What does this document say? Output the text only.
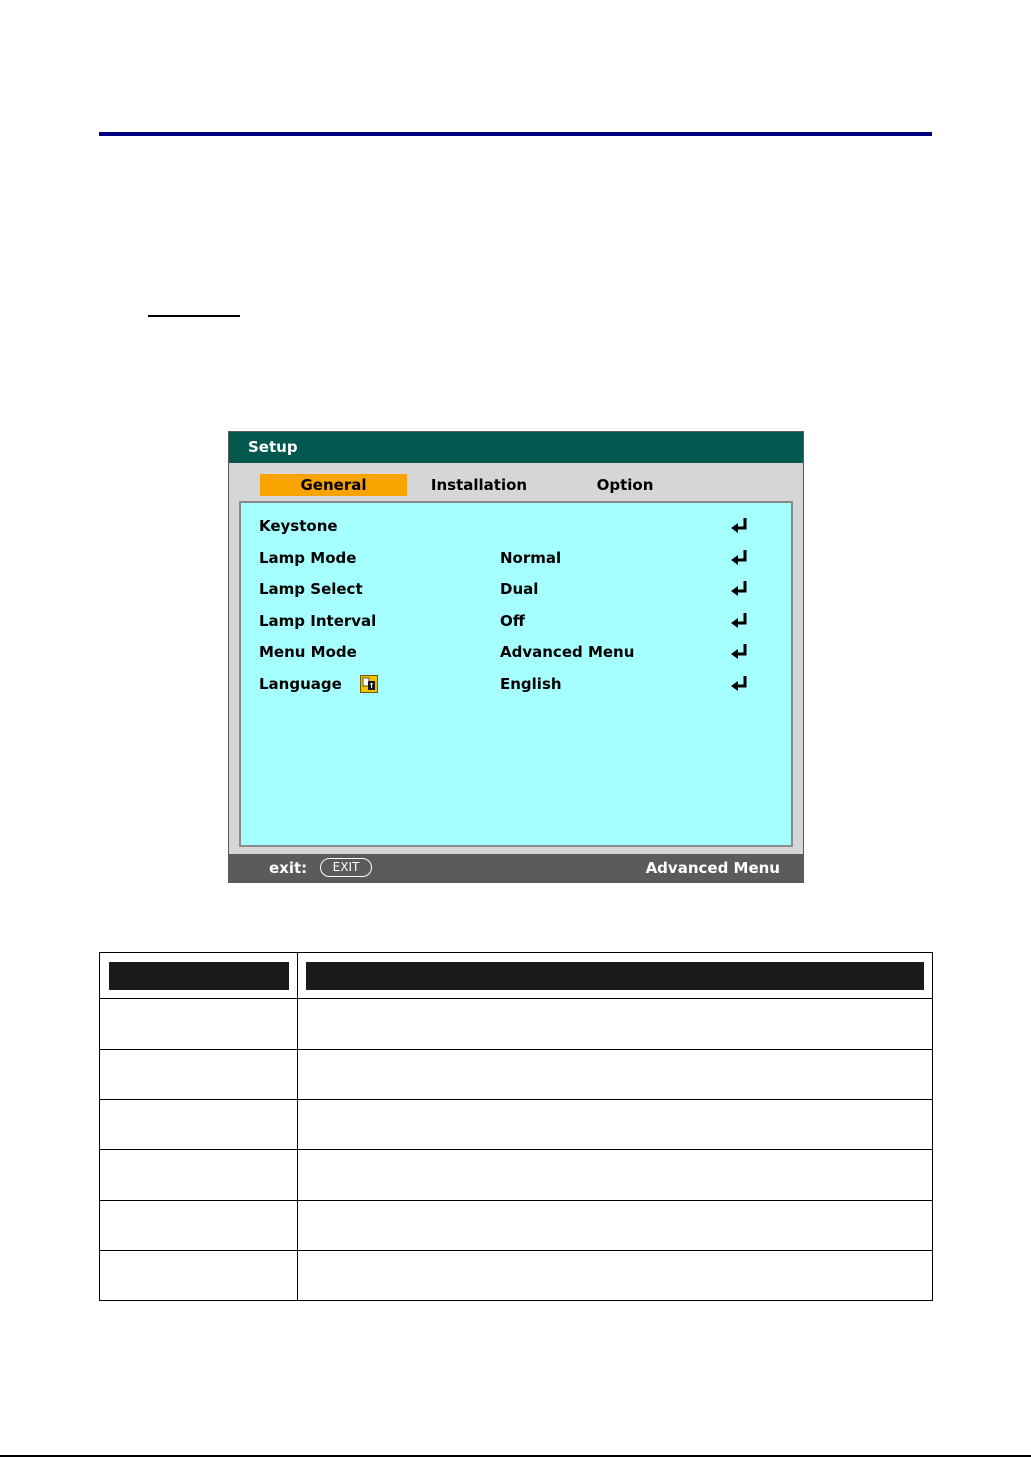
Setup
General	Installation	Option
Keystone
Lamp Mode	Normal
Lamp Select	Dual
Lamp Interval	Off
Menu Mode	Advanced Menu
Language	English
exit:	EXIT	Advanced Menu
